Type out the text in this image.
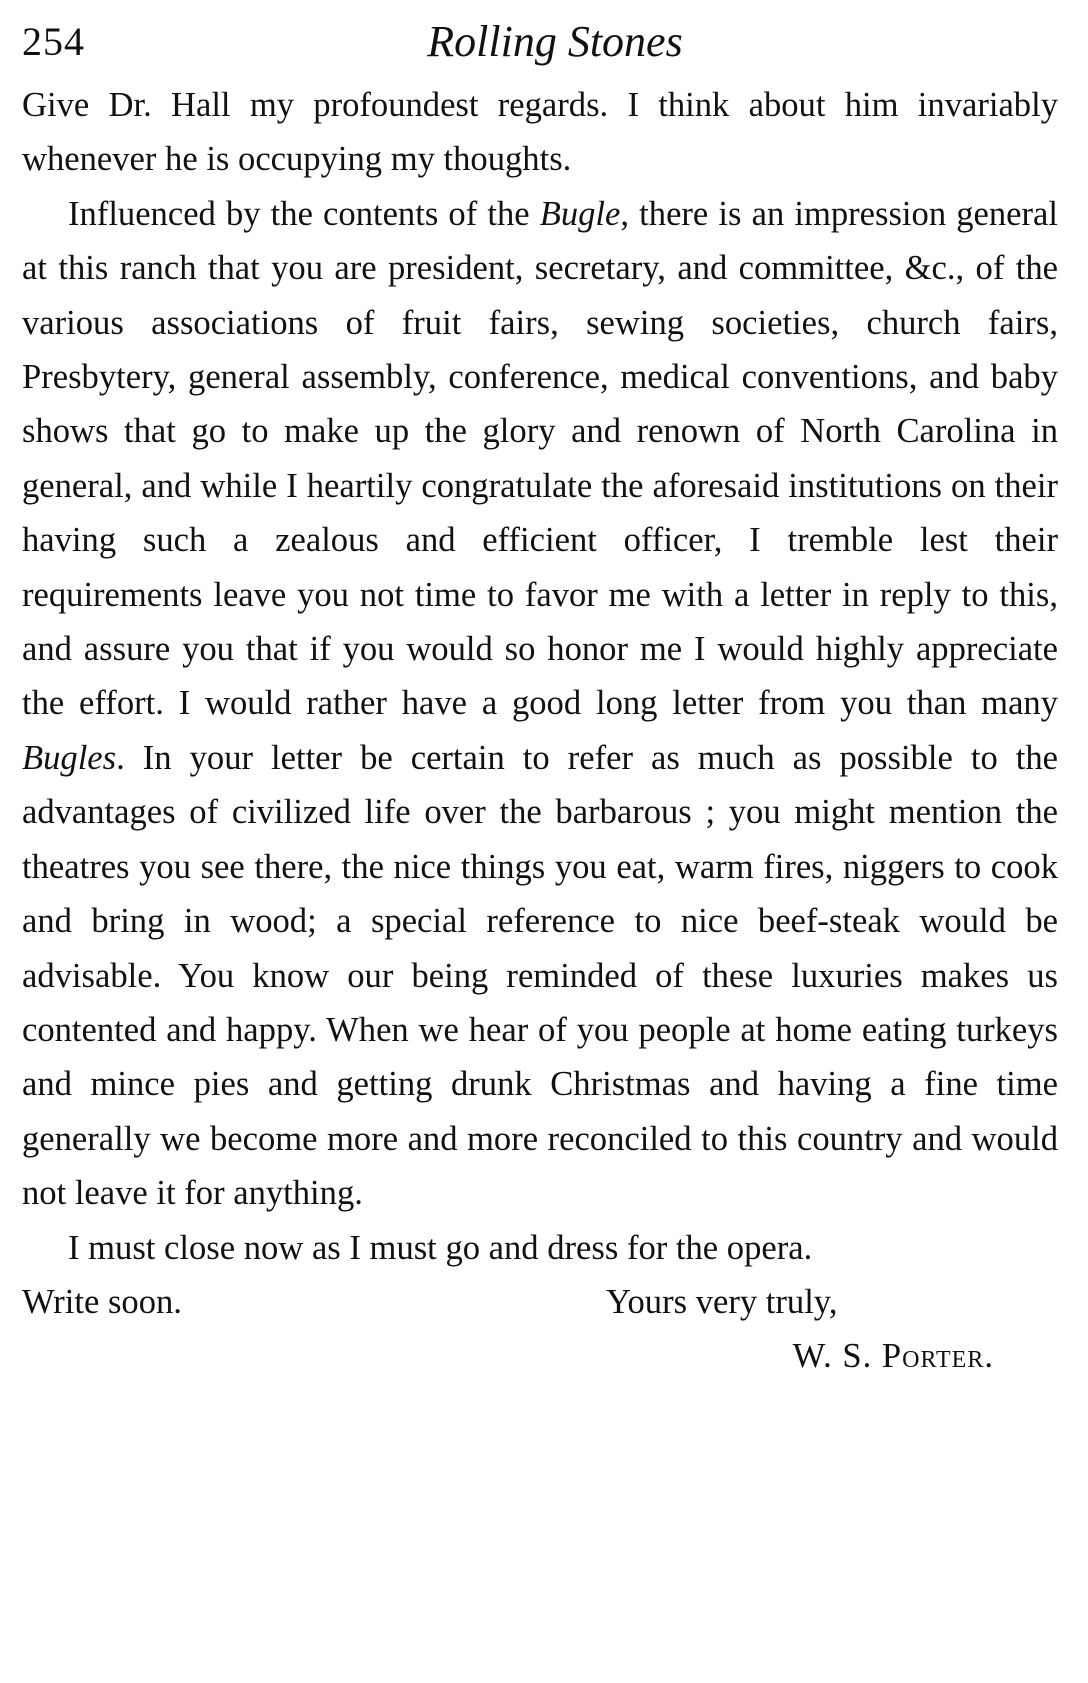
254	Rolling Stones

Give Dr. Hall my profoundest regards. I think about him invariably whenever he is occupying my thoughts.

Influenced by the contents of the Bugle, there is an impression general at this ranch that you are president, secretary, and committee, &c., of the various associations of fruit fairs, sewing societies, church fairs, Presbytery, general assembly, conference, medical conventions, and baby shows that go to make up the glory and renown of North Carolina in general, and while I heartily congratulate the aforesaid institutions on their having such a zealous and efficient officer, I tremble lest their requirements leave you not time to favor me with a letter in reply to this, and assure you that if you would so honor me I would highly appreciate the effort. I would rather have a good long letter from you than many Bugles. In your letter be certain to refer as much as possible to the advantages of civilized life over the barbarous ; you might mention the theatres you see there, the nice things you eat, warm fires, niggers to cook and bring in wood; a special reference to nice beef-steak would be advisable. You know our being reminded of these luxuries makes us contented and happy. When we hear of you people at home eating turkeys and mince pies and getting drunk Christmas and having a fine time generally we become more and more reconciled to this country and would not leave it for anything.

I must close now as I must go and dress for the opera.

Write soon.	Yours very truly,
W. S. Porter.
